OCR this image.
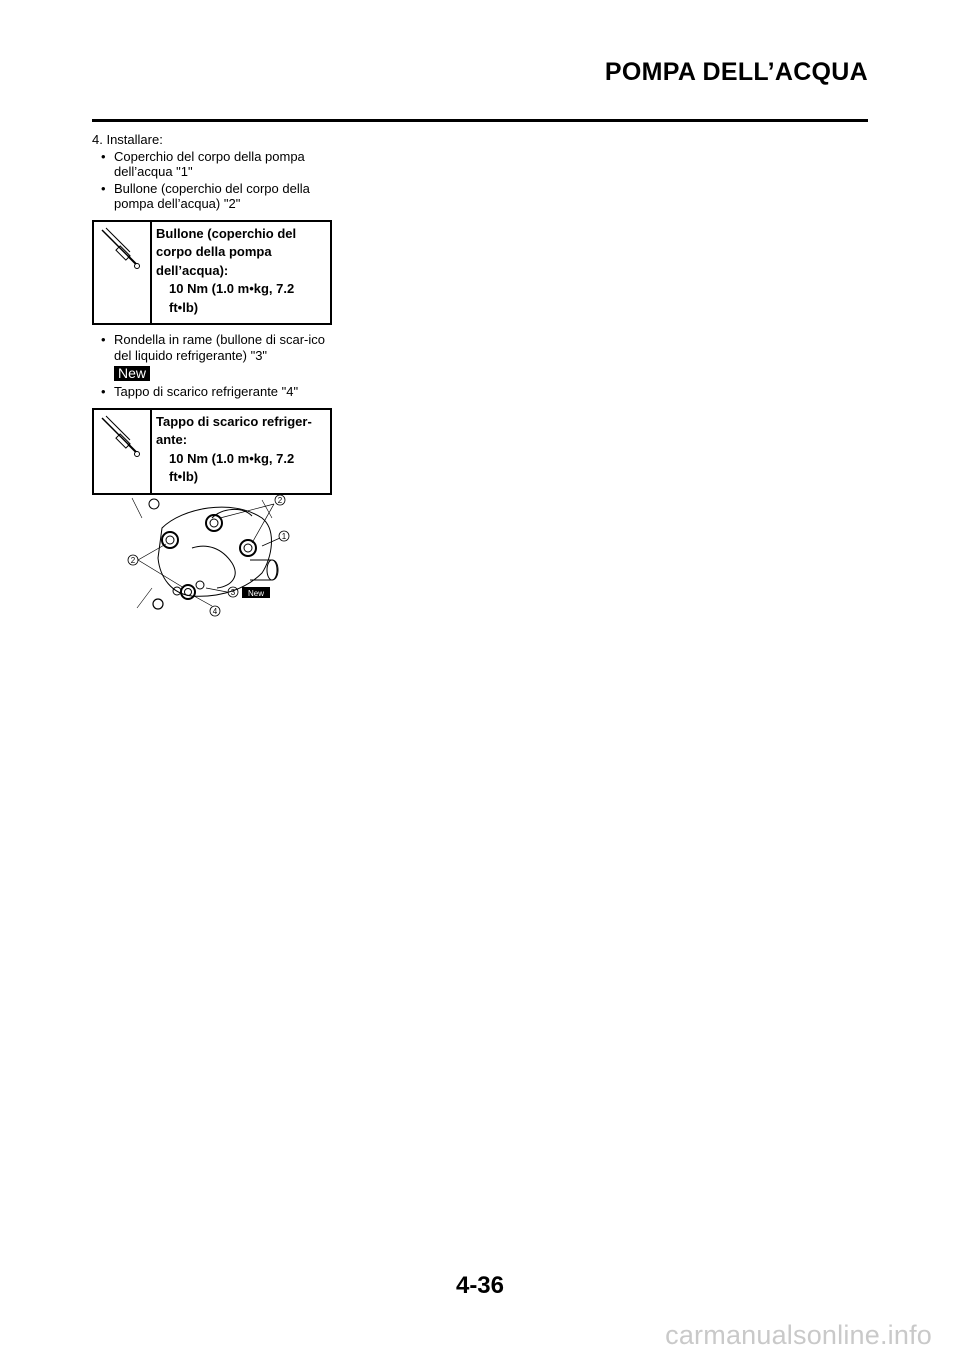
POMPA DELL’ACQUA
4. Installare:
• Coperchio del corpo della pompa dell’acqua "1"
• Bullone (coperchio del corpo della pompa dell’acqua) "2"
Bullone (coperchio del corpo della pompa dell’acqua):
10 Nm (1.0 m•kg, 7.2 ft•lb)
• Rondella in rame (bullone di scar-ico del liquido refrigerante) "3"
New
• Tappo di scarico refrigerante "4"
Tappo di scarico refriger-ante:
10 Nm (1.0 m•kg, 7.2 ft•lb)
2
1
2
3
4
New
4-36
carmanualsonline.info
